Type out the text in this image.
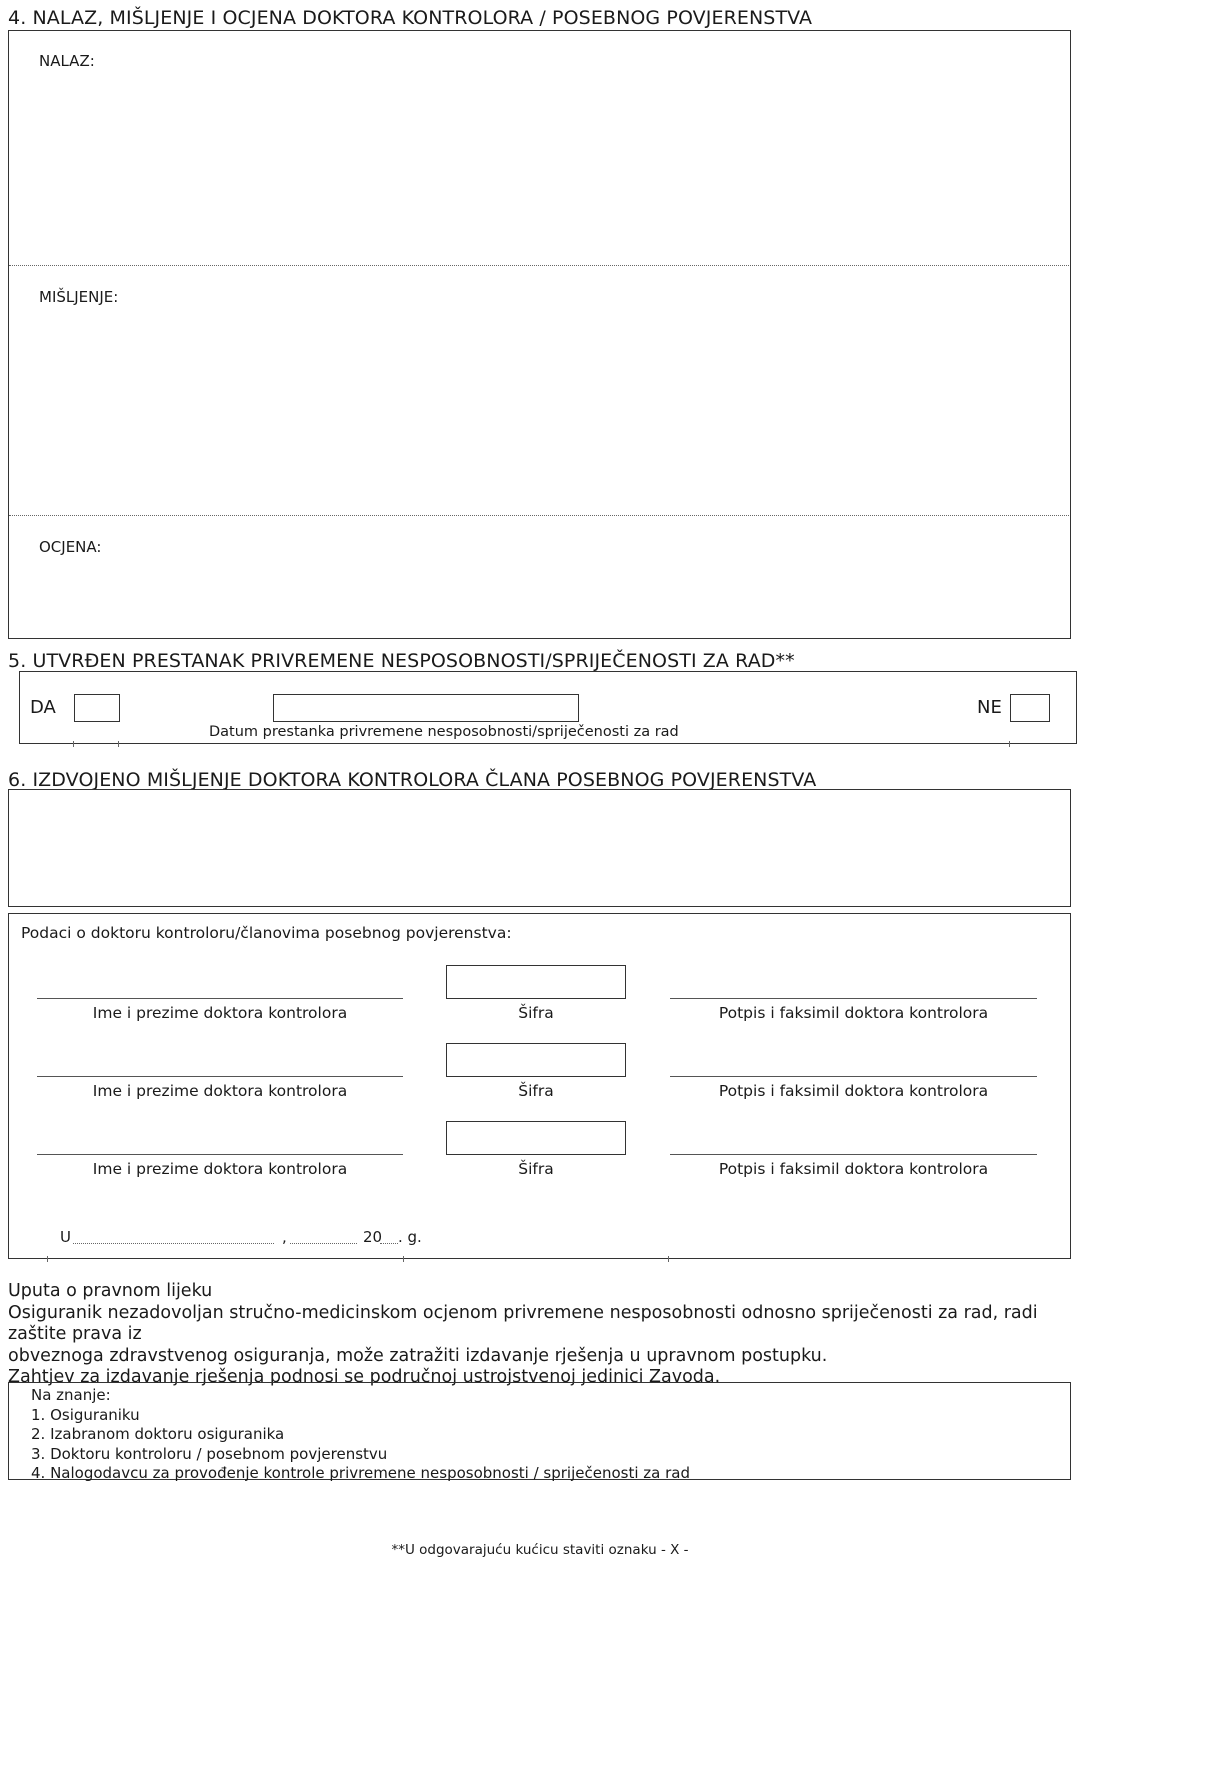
4. NALAZ, MIŠLJENJE I OCJENA DOKTORA KONTROLORA / POSEBNOG POVJERENSTVA
NALAZ:
MIŠLJENJE:
OCJENA:
5. UTVRĐEN PRESTANAK PRIVREMENE NESPOSOBNOSTI/SPRIJEČENOSTI ZA RAD**
DA
Datum prestanka privremene nesposobnosti/spriječenosti za rad
NE
6. IZDVOJENO MIŠLJENJE DOKTORA KONTROLORA ČLANA POSEBNOG POVJERENSTVA
Podaci o doktoru kontroloru/članovima posebnog povjerenstva:
Ime i prezime doktora kontrolora	Šifra	Potpis i faksimil doktora kontrolora
Ime i prezime doktora kontrolora	Šifra	Potpis i faksimil doktora kontrolora
Ime i prezime doktora kontrolora	Šifra	Potpis i faksimil doktora kontrolora
U	,	20 . g.
Uputa o pravnom lijeku
Osiguranik nezadovoljan stručno-medicinskom ocjenom privremene nesposobnosti odnosno spriječenosti za rad, radi zaštite prava iz
obveznoga zdravstvenog osiguranja, može zatražiti izdavanje rješenja u upravnom postupku.
Zahtjev za izdavanje rješenja podnosi se područnoj ustrojstvenoj jedinici Zavoda.
Na znanje:
1. Osiguraniku
2. Izabranom doktoru osiguranika
3. Doktoru kontroloru / posebnom povjerenstvu
4. Nalogodavcu za provođenje kontrole privremene nesposobnosti / spriječenosti za rad
**U odgovarajuću kućicu staviti oznaku - X -
